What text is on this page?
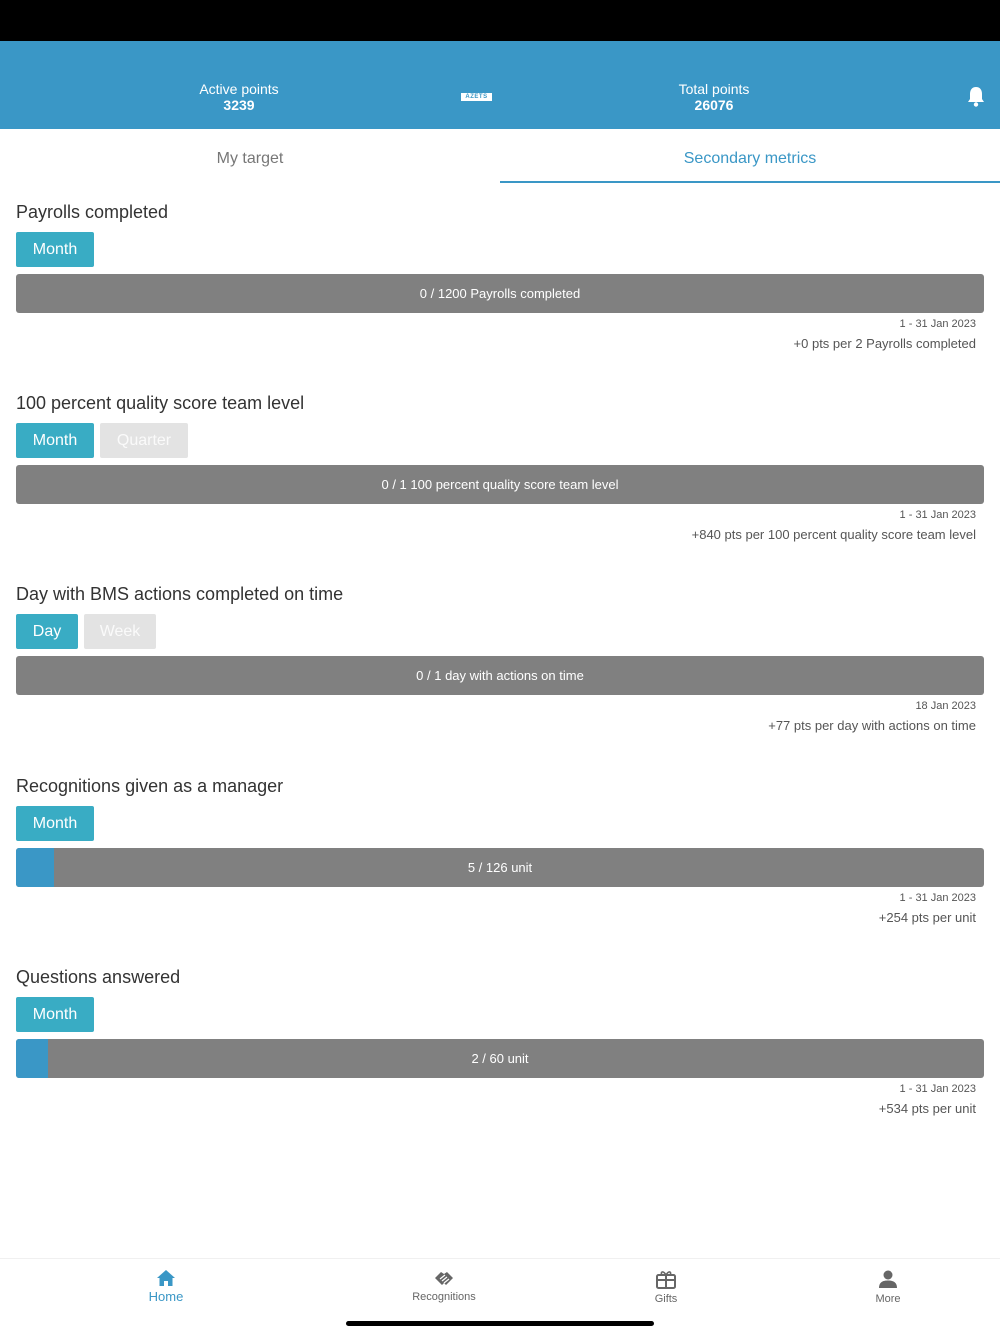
Active points
3239	AZETS	Total points
26076
My target	Secondary metrics
Payrolls completed
Month
0 / 1200 Payrolls completed
1 - 31 Jan 2023
+0 pts per 2 Payrolls completed
100 percent quality score team level
Month	Quarter
0 / 1 100 percent quality score team level
1 - 31 Jan 2023
+840 pts per 100 percent quality score team level
Day with BMS actions completed on time
Day	Week
0 / 1 day with actions on time
18 Jan 2023
+77 pts per day with actions on time
Recognitions given as a manager
Month
5 / 126 unit
1 - 31 Jan 2023
+254 pts per unit
Questions answered
Month
2 / 60 unit
1 - 31 Jan 2023
+534 pts per unit
Home	Recognitions	Gifts	More
